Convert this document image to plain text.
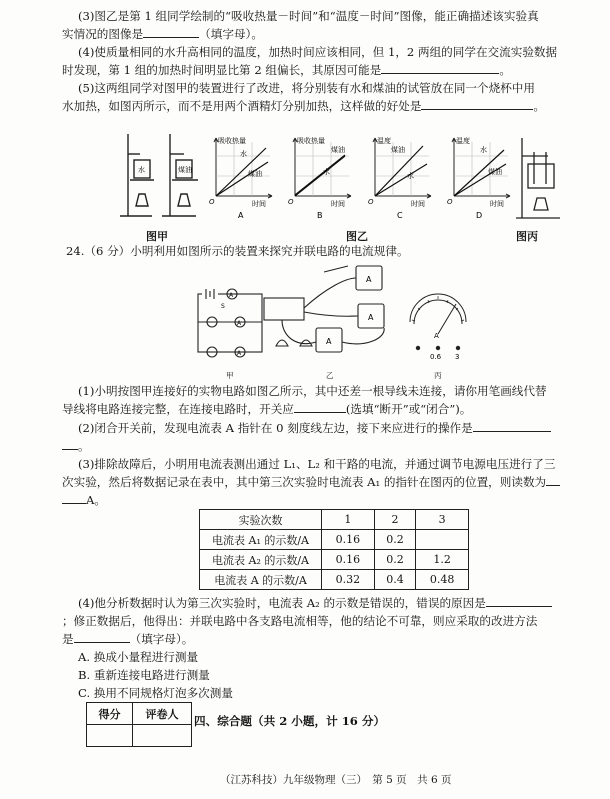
(3)图乙是第 1 组同学绘制的“吸收热量－时间”和“温度－时间”图像，能正确描述该实验真
实情况的图像是	（填字母）。
(4)使质量相同的水升高相同的温度，加热时间应该相同，但 1，2 两组的同学在交流实验数据
时发现，第 1 组的加热时间明显比第 2 组偏长，其原因可能是	。
(5)这两组同学对图甲的装置进行了改进，将分别装有水和煤油的试管放在同一个烧杯中用
水加热，如图丙所示，而不是用两个酒精灯分别加热，这样做的好处是	。
水	煤油
吸收热量
水
煤油
O	时间
A
吸收热量
煤油
水
O	时间
B
温度
煤油
水
O	时间
C
温度
水
煤油
O	时间
D
图甲	图乙	图丙
24.（6 分）小明利用如图所示的装置来探究并联电路的电流规律。
A
A
A
S
A
A
A
A
0.6 3
甲	乙	丙
(1)小明按图甲连接好的实物电路如图乙所示，其中还差一根导线未连接，请你用笔画线代替
导线将电路连接完整，在连接电路时，开关应	(选填“断开”或“闭合”)。
(2)闭合开关前，发现电流表 A 指针在 0 刻度线左边，接下来应进行的操作是
。
(3)排除故障后，小明用电流表测出通过 L₁、L₂ 和干路的电流，并通过调节电源电压进行了三
次实验，然后将数据记录在表中，其中第三次实验时电流表 A₁ 的指针在图丙的位置，则读数为
A。
实验次数	1	2	3
电流表 A₁ 的示数/A	0.16	0.2	
电流表 A₂ 的示数/A	0.16	0.2	1.2
电流表 A 的示数/A	0.32	0.4	0.48
(4)他分析数据时认为第三次实验时，电流表 A₂ 的示数是错误的，错误的原因是
；修正数据后，他得出：并联电路中各支路电流相等，他的结论不可靠，则应采取的改进方法
是	（填字母）。
A. 换成小量程进行测量
B. 重新连接电路进行测量
C. 换用不同规格灯泡多次测量
得分	评卷人
	四、综合题（共 2 小题，计 16 分）
（江苏科技）九年级物理（三）　第 5 页　共 6 页
